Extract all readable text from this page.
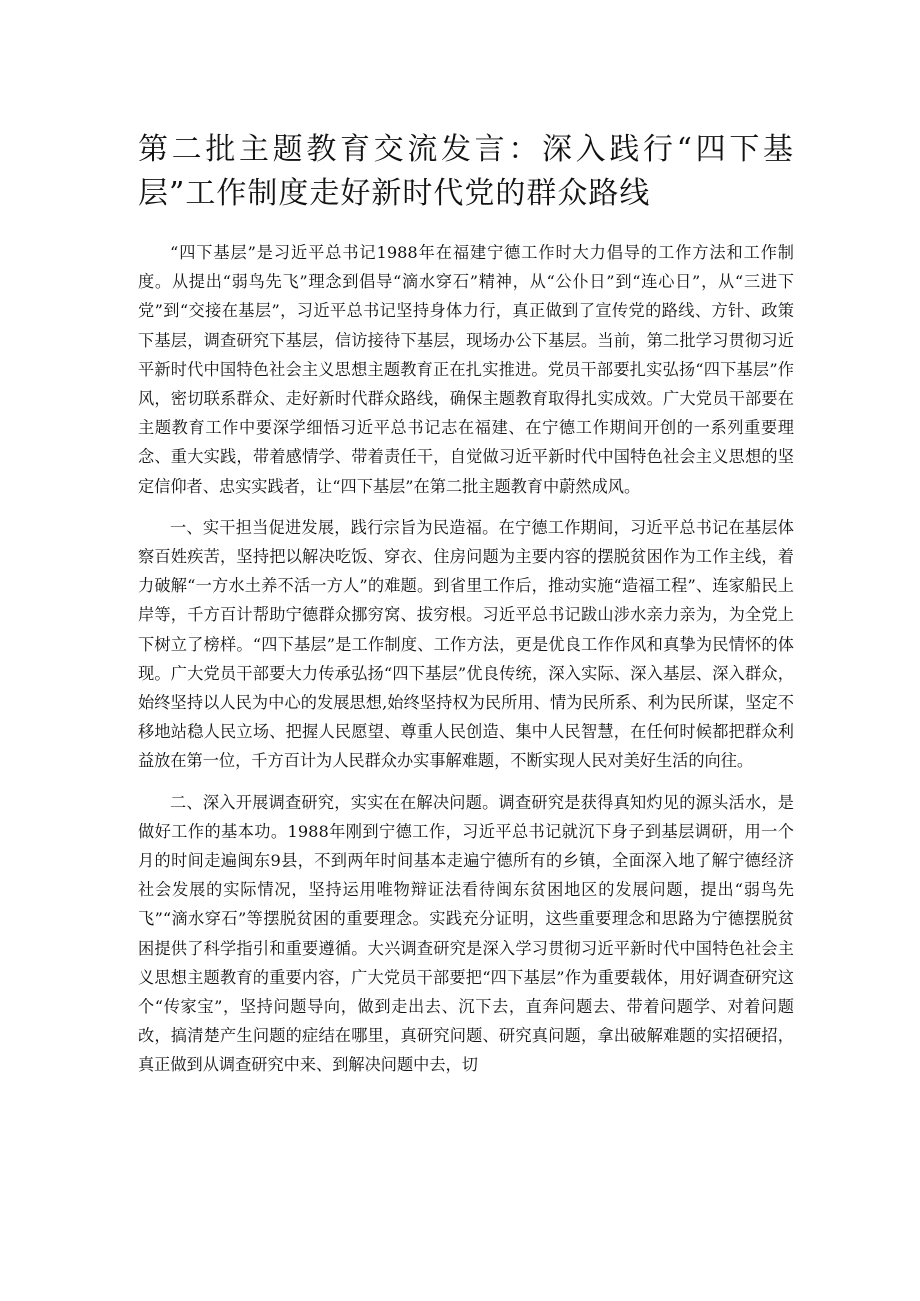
第二批主题教育交流发言：深入践行“四下基层”工作制度走好新时代党的群众路线

“四下基层”是习近平总书记1988年在福建宁德工作时大力倡导的工作方法和工作制度。从提出“弱鸟先飞”理念到倡导“滴水穿石”精神，从“公仆日”到“连心日”，从“三进下党”到“交接在基层”，习近平总书记坚持身体力行，真正做到了宣传党的路线、方针、政策下基层，调查研究下基层，信访接待下基层，现场办公下基层。当前，第二批学习贯彻习近平新时代中国特色社会主义思想主题教育正在扎实推进。党员干部要扎实弘扬“四下基层”作风，密切联系群众、走好新时代群众路线，确保主题教育取得扎实成效。广大党员干部要在主题教育工作中要深学细悟习近平总书记志在福建、在宁德工作期间开创的一系列重要理念、重大实践，带着感情学、带着责任干，自觉做习近平新时代中国特色社会主义思想的坚定信仰者、忠实实践者，让“四下基层”在第二批主题教育中蔚然成风。

一、实干担当促进发展，践行宗旨为民造福。在宁德工作期间，习近平总书记在基层体察百姓疾苦，坚持把以解决吃饭、穿衣、住房问题为主要内容的摆脱贫困作为工作主线，着力破解“一方水土养不活一方人”的难题。到省里工作后，推动实施“造福工程”、连家船民上岸等，千方百计帮助宁德群众挪穷窝、拔穷根。习近平总书记跋山涉水亲力亲为，为全党上下树立了榜样。“四下基层”是工作制度、工作方法，更是优良工作作风和真挚为民情怀的体现。广大党员干部要大力传承弘扬“四下基层”优良传统，深入实际、深入基层、深入群众，始终坚持以人民为中心的发展思想,始终坚持权为民所用、情为民所系、利为民所谋，坚定不移地站稳人民立场、把握人民愿望、尊重人民创造、集中人民智慧，在任何时候都把群众利益放在第一位，千方百计为人民群众办实事解难题，不断实现人民对美好生活的向往。

二、深入开展调查研究，实实在在解决问题。调查研究是获得真知灼见的源头活水，是做好工作的基本功。1988年刚到宁德工作，习近平总书记就沉下身子到基层调研，用一个月的时间走遍闽东9县，不到两年时间基本走遍宁德所有的乡镇，全面深入地了解宁德经济社会发展的实际情况，坚持运用唯物辩证法看待闽东贫困地区的发展问题，提出“弱鸟先飞”“滴水穿石”等摆脱贫困的重要理念。实践充分证明，这些重要理念和思路为宁德摆脱贫困提供了科学指引和重要遵循。大兴调查研究是深入学习贯彻习近平新时代中国特色社会主义思想主题教育的重要内容，广大党员干部要把“四下基层”作为重要载体，用好调查研究这个“传家宝”，坚持问题导向，做到走出去、沉下去，直奔问题去、带着问题学、对着问题改，搞清楚产生问题的症结在哪里，真研究问题、研究真问题，拿出破解难题的实招硬招，真正做到从调查研究中来、到解决问题中去，切
